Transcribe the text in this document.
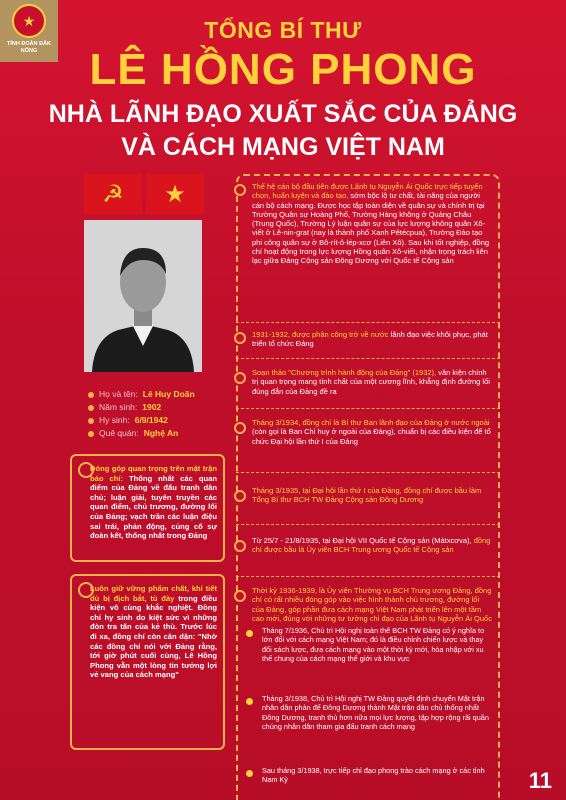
★
TỈNH ĐOÀN ĐẮK NÔNG
TỔNG BÍ THƯ
LÊ HỒNG PHONG
NHÀ LÃNH ĐẠO XUẤT SẮC CỦA ĐẢNG
VÀ CÁCH MẠNG VIỆT NAM
☭	★
Họ và tên: Lê Huy Doãn
Năm sinh: 1902
Hy sinh: 6/9/1942
Quê quán: Nghệ An
Đóng góp quan trọng trên mặt trận báo chí: Thống nhất các quan điểm của Đảng về đấu tranh dân chủ; luận giải, tuyên truyền các quan điểm, chủ trương, đường lối của Đảng; vạch trần các luận điệu sai trái, phản động, củng cố sự đoàn kết, thống nhất trong Đảng
Luôn giữ vững phẩm chất, khí tiết dù bị địch bắt, tù đày trong điều kiện vô cùng khắc nghiệt. Đồng chí hy sinh do kiệt sức vì những đòn tra tấn của kẻ thù. Trước lúc đi xa, đồng chí còn căn dặn: "Nhờ các đồng chí nói với Đảng rằng, tới giờ phút cuối cùng, Lê Hồng Phong vẫn một lòng tin tưởng lợi vẻ vang của cách mạng"
Thế hệ cán bộ đầu tiên được Lãnh tụ Nguyễn Ái Quốc trực tiếp tuyển chọn, huấn luyện và đào tạo, sớm bộc lộ tư chất, tài năng của người cán bộ cách mạng. Được học tập toàn diện về quân sự và chính trị tại Trường Quân sự Hoàng Phố, Trường Hàng không ở Quảng Châu (Trung Quốc), Trường Lý luận quân sự của lực lượng không quân Xô-viết ở Lê-nin-grat (nay là thành phố Xanh Pêtécpua), Trường Đào tạo phi công quân sự ở Bô-rít-ô-lép-xcơ (Liên Xô). Sau khi tốt nghiệp, đồng chí hoạt động trong lực lượng Hồng quân Xô-viết, nhận trọng trách liên lạc giữa Đảng Cộng sản Đông Dương với Quốc tế Cộng sản
1931-1932, được phân công trở về nước lãnh đạo việc khôi phục, phát triển tổ chức Đảng
Soạn thảo "Chương trình hành động của Đảng" (1932), văn kiện chính trị quan trọng mang tính chất của một cương lĩnh, khẳng định đường lối đúng đắn của Đảng đề ra
Tháng 3/1934, đồng chí là Bí thư Ban lãnh đạo của Đảng ở nước ngoài (còn gọi là Ban Chỉ huy ở ngoài của Đảng), chuẩn bị các điều kiện để tổ chức Đại hội lần thứ I của Đảng
Tháng 3/1935, tại Đại hội lần thứ I của Đảng, đồng chí được bầu làm Tổng Bí thư BCH TW Đảng Cộng sản Đông Dương
Từ 25/7 - 21/8/1935, tại Đại hội VII Quốc tế Cộng sản (Mátxcơva), đồng chí được bầu là Ủy viên BCH Trung ương Quốc tế Cộng sản
Thời kỳ 1936-1939, là Ủy viên Thường vụ BCH Trung ương Đảng, đồng chí có rất nhiều đóng góp vào việc hình thành chủ trương, đường lối của Đảng, góp phần đưa cách mạng Việt Nam phát triển lên một tầm cao mới, đúng với những tư tưởng chỉ đạo của Lãnh tụ Nguyễn Ái Quốc
Tháng 7/1936, Chủ trì Hội nghị toàn thể BCH TW Đảng có ý nghĩa to lớn đối với cách mạng Việt Nam; đó là điều chỉnh chiến lược và thay đổi sách lược, đưa cách mạng vào một thời kỳ mới, hòa nhập với xu thế chung của cách mạng thế giới và khu vực
Tháng 3/1938, Chủ trì Hội nghị TW Đảng quyết định chuyển Mặt trận nhân dân phản đế Đông Dương thành Mặt trận dân chủ thống nhất Đông Dương, tranh thủ hơn nữa mọi lực lượng, tập hợp rộng rãi quần chúng nhân dân tham gia đấu tranh cách mạng
Sau tháng 3/1938, trực tiếp chỉ đạo phong trào cách mạng ở các tỉnh Nam Kỳ	11
